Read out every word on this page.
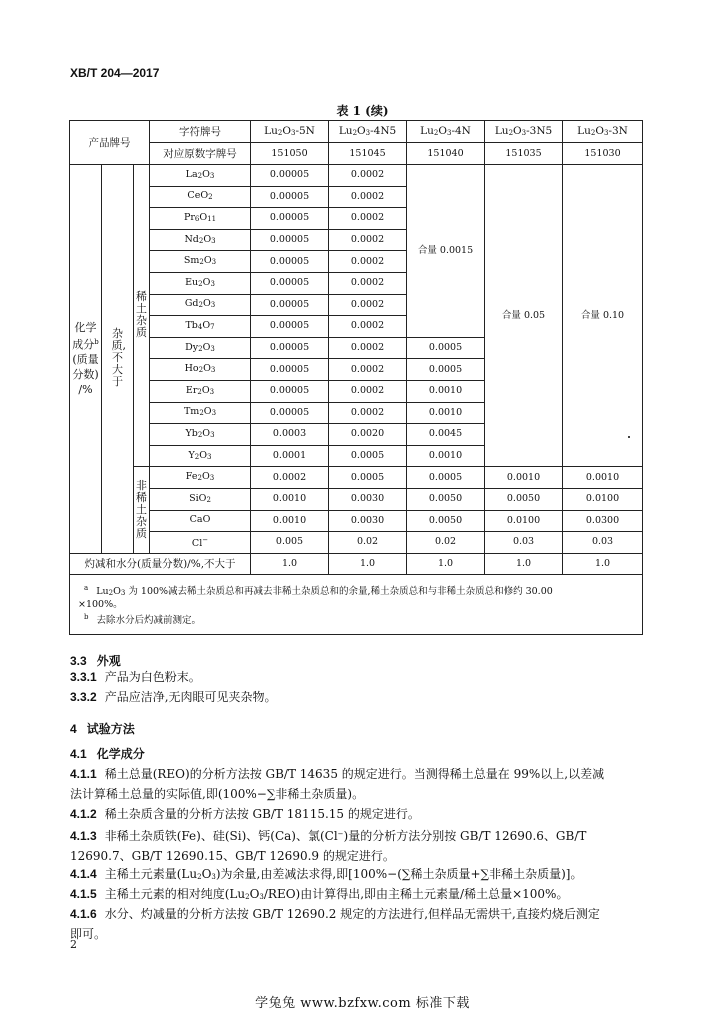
XB/T 204—2017
表 1 (续)
产品牌号			字符牌号	Lu2O3-5N	Lu2O3-4N5	Lu2O3-4N	Lu2O3-3N5	Lu2O3-3N
			对应原数字牌号	151050	151045	151040	151035	151030

化学
成分$^b$
(质量
分数)
/%	杂质,不大于	稀土杂质	La2O3	0.00005	0.0002	合量 0.0015	合量 0.05	合量 0.10
			CeO2	0.00005	0.0002			
			Pr6O11	0.00005	0.0002			
			Nd2O3	0.00005	0.0002			
			Sm2O3	0.00005	0.0002			
			Eu2O3	0.00005	0.0002			
			Gd2O3	0.00005	0.0002			
			Tb4O7	0.00005	0.0002			
			Dy2O3	0.00005	0.0002	0.0005		
			Ho2O3	0.00005	0.0002	0.0005		
			Er2O3	0.00005	0.0002	0.0010		
			Tm2O3	0.00005	0.0002	0.0010		
			Yb2O3	0.0003	0.0020	0.0045		
			Y2O3	0.0001	0.0005	0.0010		
		非稀土杂质	Fe2O3	0.0002	0.0005	0.0005	0.0010	0.0010
			SiO2	0.0010	0.0030	0.0050	0.0050	0.0100
			CaO	0.0010	0.0030	0.0050	0.0100	0.0300
			Cl−	0.005	0.02	0.02	0.03	0.03
灼减和水分(质量分数)/%,不大于				1.0	1.0	1.0	1.0	1.0

$^a$ Lu2O3 为 100%减去稀土杂质总和再减去非稀土杂质总和的余量,稀土杂质总和与非稀土杂质总和修约 30.00
×100%。
$^b$ 去除水分后灼减前测定。								
3.3 外观
3.3.1 产品为白色粉末。
3.3.2 产品应洁净,无肉眼可见夹杂物。
4 试验方法
4.1 化学成分
4.1.1 稀土总量(REO)的分析方法按 GB/T 14635 的规定进行。当测得稀土总量在 99%以上,以差减
法计算稀土总量的实际值,即(100%−∑非稀土杂质量)。
4.1.2 稀土杂质含量的分析方法按 GB/T 18115.15 的规定进行。
4.1.3 非稀土杂质铁(Fe)、硅(Si)、钙(Ca)、氯(Cl−)量的分析方法分别按 GB/T 12690.6、GB/T
12690.7、GB/T 12690.15、GB/T 12690.9 的规定进行。
4.1.4 主稀土元素量(Lu2O3)为余量,由差减法求得,即[100%−(∑稀土杂质量+∑非稀土杂质量)]。
4.1.5 主稀土元素的相对纯度(Lu2O3/REO)由计算得出,即由主稀土元素量/稀土总量×100%。
4.1.6 水分、灼减量的分析方法按 GB/T 12690.2 规定的方法进行,但样品无需烘干,直接灼烧后测定
即可。
2
学兔兔 www.bzfxw.com 标准下载
